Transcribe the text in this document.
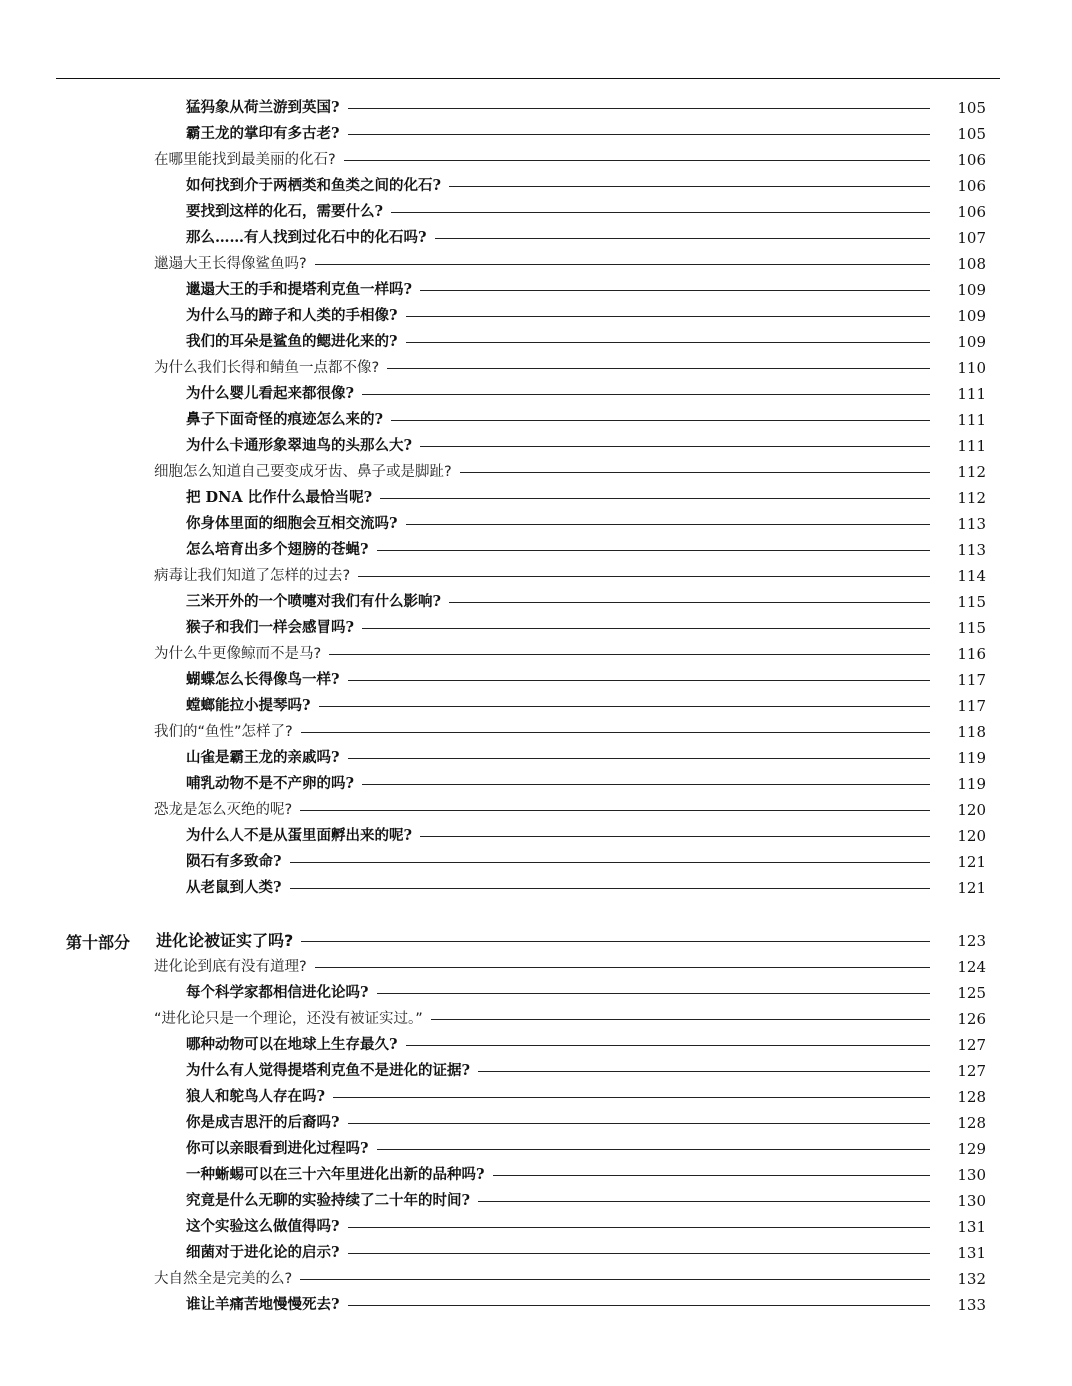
猛犸象从荷兰游到英国?	105
霸王龙的掌印有多古老?	105
在哪里能找到最美丽的化石?	106
如何找到介于两栖类和鱼类之间的化石?	106
要找到这样的化石，需要什么?	106
那么……有人找到过化石中的化石吗?	107
邋遢大王长得像鲨鱼吗?	108
邋遢大王的手和提塔利克鱼一样吗?	109
为什么马的蹄子和人类的手相像?	109
我们的耳朵是鲨鱼的鳃进化来的?	109
为什么我们长得和鲭鱼一点都不像?	110
为什么婴儿看起来都很像?	111
鼻子下面奇怪的痕迹怎么来的?	111
为什么卡通形象翠迪鸟的头那么大?	111
细胞怎么知道自己要变成牙齿、鼻子或是脚趾?	112
把 DNA 比作什么最恰当呢?	112
你身体里面的细胞会互相交流吗?	113
怎么培育出多个翅膀的苍蝇?	113
病毒让我们知道了怎样的过去?	114
三米开外的一个喷嚏对我们有什么影响?	115
猴子和我们一样会感冒吗?	115
为什么牛更像鲸而不是马?	116
蝴蝶怎么长得像鸟一样?	117
螳螂能拉小提琴吗?	117
我们的“鱼性”怎样了?	118
山雀是霸王龙的亲戚吗?	119
哺乳动物不是不产卵的吗?	119
恐龙是怎么灭绝的呢?	120
为什么人不是从蛋里面孵出来的呢?	120
陨石有多致命?	121
从老鼠到人类?	121
第十部分	进化论被证实了吗?	123
进化论到底有没有道理?	124
每个科学家都相信进化论吗?	125
“进化论只是一个理论，还没有被证实过。”	126
哪种动物可以在地球上生存最久?	127
为什么有人觉得提塔利克鱼不是进化的证据?	127
狼人和鸵鸟人存在吗?	128
你是成吉思汗的后裔吗?	128
你可以亲眼看到进化过程吗?	129
一种蜥蜴可以在三十六年里进化出新的品种吗?	130
究竟是什么无聊的实验持续了二十年的时间?	130
这个实验这么做值得吗?	131
细菌对于进化论的启示?	131
大自然全是完美的么?	132
谁让羊痛苦地慢慢死去?	133
